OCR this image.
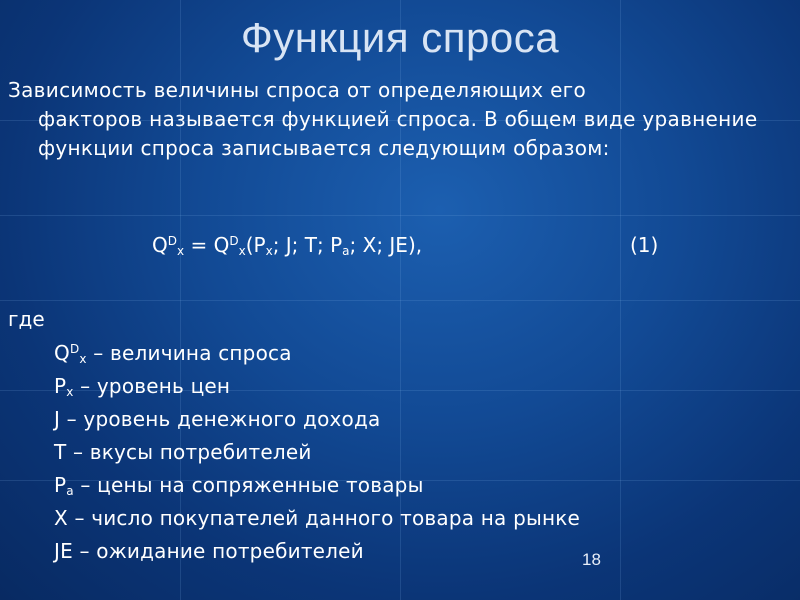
Функция спроса
Зависимость величины спроса от определяющих его
факторов называется функцией спроса. В общем виде уравнение функции спроса записывается следующим образом:
$Q^D_x = Q^D_x(P_x$; J; T; $P_a$; X; JE),	(1)
где
$Q^D_x$ – величина спроса
$P_x$ – уровень цен
J – уровень денежного дохода
T – вкусы потребителей
$P_a$ – цены на сопряженные товары
X – число покупателей данного товара на рынке
JE – ожидание потребителей	18
